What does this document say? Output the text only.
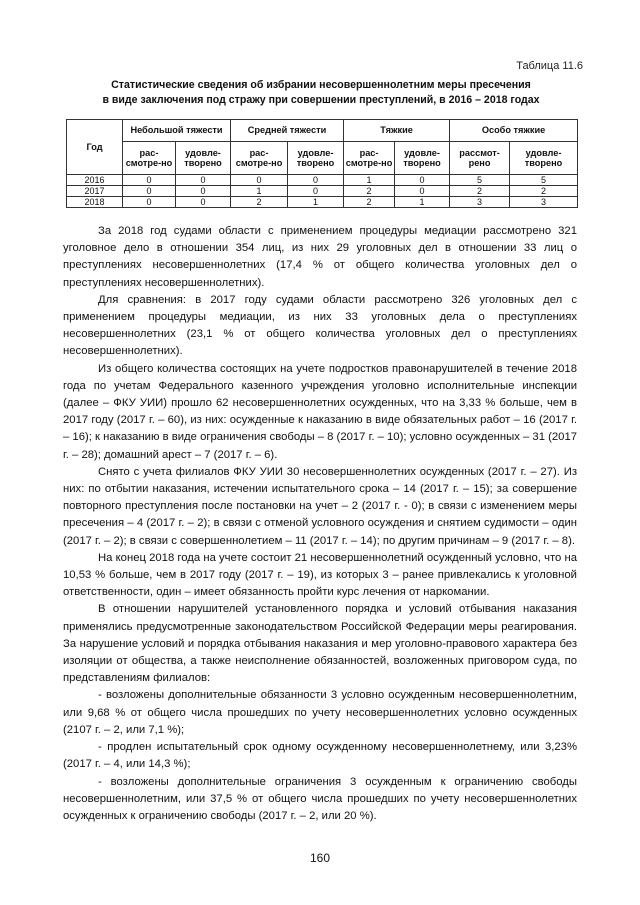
Таблица 11.6
Статистические сведения об избрании несовершеннолетним меры пресечения
в виде заключения под стражу при совершении преступлений, в 2016 – 2018 годах
Год	Небольшой тяжести		Средней тяжести		Тяжкие		Особо тяжкие	
	рас-смотре-но	удовле-творено	рас-смотре-но	удовле-творено	рас-смотре-но	удовле-творено	рассмот-рено	удовле-творено
2016	0	0	0	0	1	0	5	5
2017	0	0	1	0	2	0	2	2
2018	0	0	2	1	2	1	3	3

За 2018 год судами области с применением процедуры медиации рассмотрено 321 уголовное дело в отношении 354 лиц, из них 29 уголовных дел в отношении 33 лиц о преступлениях несовершеннолетних (17,4 % от общего количества уголовных дел о преступлениях несовершеннолетних).

Для сравнения: в 2017 году судами области рассмотрено 326 уголовных дел с применением процедуры медиации, из них 33 уголовных дела о преступлениях несовершеннолетних (23,1 % от общего количества уголовных дел о преступлениях несовершеннолетних).

Из общего количества состоящих на учете подростков правонарушителей в течение 2018 года по учетам Федерального казенного учреждения уголовно исполнительные инспекции (далее – ФКУ УИИ) прошло 62 несовершеннолетних осужденных, что на 3,33 % больше, чем в 2017 году (2017 г. – 60), из них: осужденные к наказанию в виде обязательных работ – 16 (2017 г. – 16); к наказанию в виде ограничения свободы – 8 (2017 г. – 10); условно осужденных – 31 (2017 г. – 28); домашний арест – 7 (2017 г. – 6).

Снято с учета филиалов ФКУ УИИ 30 несовершеннолетних осужденных (2017 г. – 27). Из них: по отбытии наказания, истечении испытательного срока – 14 (2017 г. – 15); за совершение повторного преступления после постановки на учет – 2 (2017 г. - 0); в связи с изменением меры пресечения – 4 (2017 г. – 2); в связи с отменой условного осуждения и снятием судимости – один (2017 г. – 2); в связи с совершеннолетием – 11 (2017 г. – 14); по другим причинам – 9 (2017 г. – 8).

На конец 2018 года на учете состоит 21 несовершеннолетний осужденный условно, что на 10,53 % больше, чем в 2017 году (2017 г. – 19), из которых 3 – ранее привлекались к уголовной ответственности, один – имеет обязанность пройти курс лечения от наркомании.

В отношении нарушителей установленного порядка и условий отбывания наказания применялись предусмотренные законодательством Российской Федерации меры реагирования. За нарушение условий и порядка отбывания наказания и мер уголовно-правового характера без изоляции от общества, а также неисполнение обязанностей, возложенных приговором суда, по представлениям филиалов:

- возложены дополнительные обязанности 3 условно осужденным несовершеннолетним, или 9,68 % от общего числа прошедших по учету несовершеннолетних условно осужденных (2107 г. – 2, или 7,1 %);

- продлен испытательный срок одному осужденному несовершеннолетнему, или 3,23% (2017 г. – 4, или 14,3 %);

- возложены дополнительные ограничения 3 осужденным к ограничению свободы несовершеннолетним, или 37,5 % от общего числа прошедших по учету несовершеннолетних осужденных к ограничению свободы (2017 г. – 2, или 20 %).

160
